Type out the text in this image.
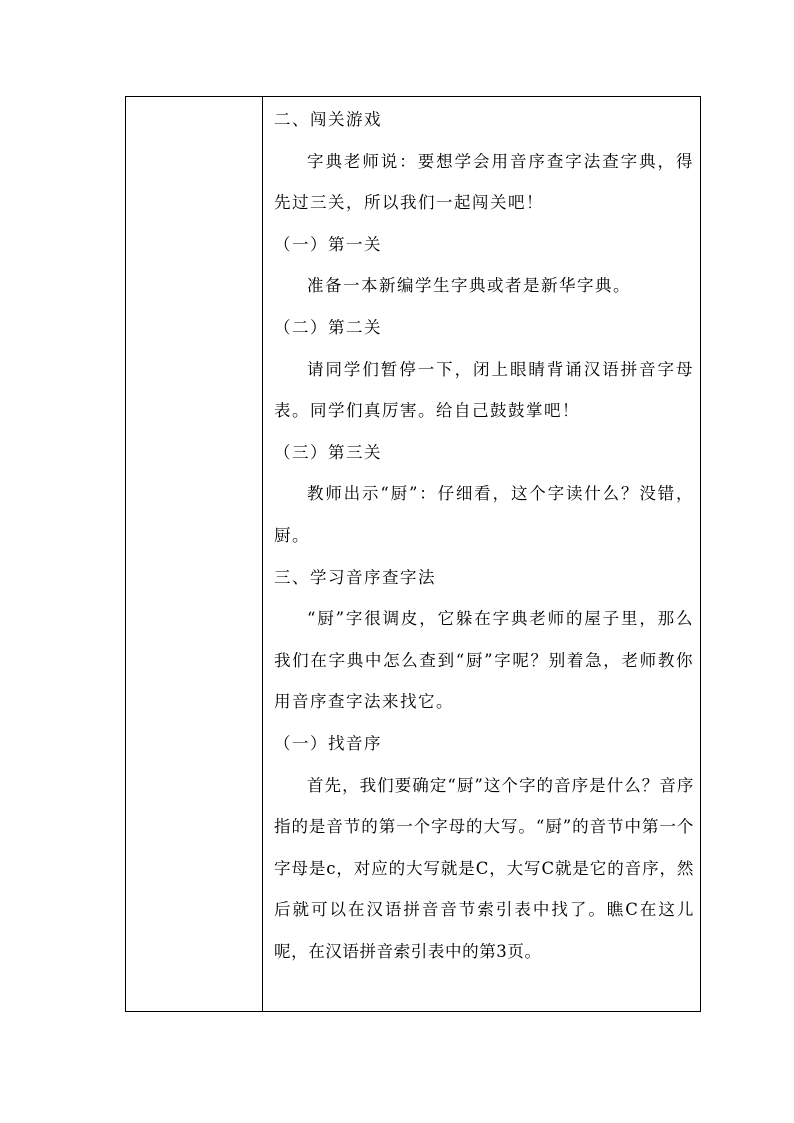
二、闯关游戏

字典老师说：要想学会用音序查字法查字典，得先过三关，所以我们一起闯关吧！

（一）第一关

准备一本新编学生字典或者是新华字典。

（二）第二关

请同学们暂停一下，闭上眼睛背诵汉语拼音字母表。同学们真厉害。给自己鼓鼓掌吧！

（三）第三关

教师出示“厨”：仔细看，这个字读什么？没错，厨。

三、学习音序查字法

“厨”字很调皮，它躲在字典老师的屋子里，那么我们在字典中怎么查到“厨”字呢？别着急，老师教你用音序查字法来找它。

（一）找音序

首先，我们要确定“厨”这个字的音序是什么？音序指的是音节的第一个字母的大写。“厨”的音节中第一个字母是c，对应的大写就是C，大写C就是它的音序，然后就可以在汉语拼音音节索引表中找了。瞧C在这儿呢，在汉语拼音索引表中的第3页。
